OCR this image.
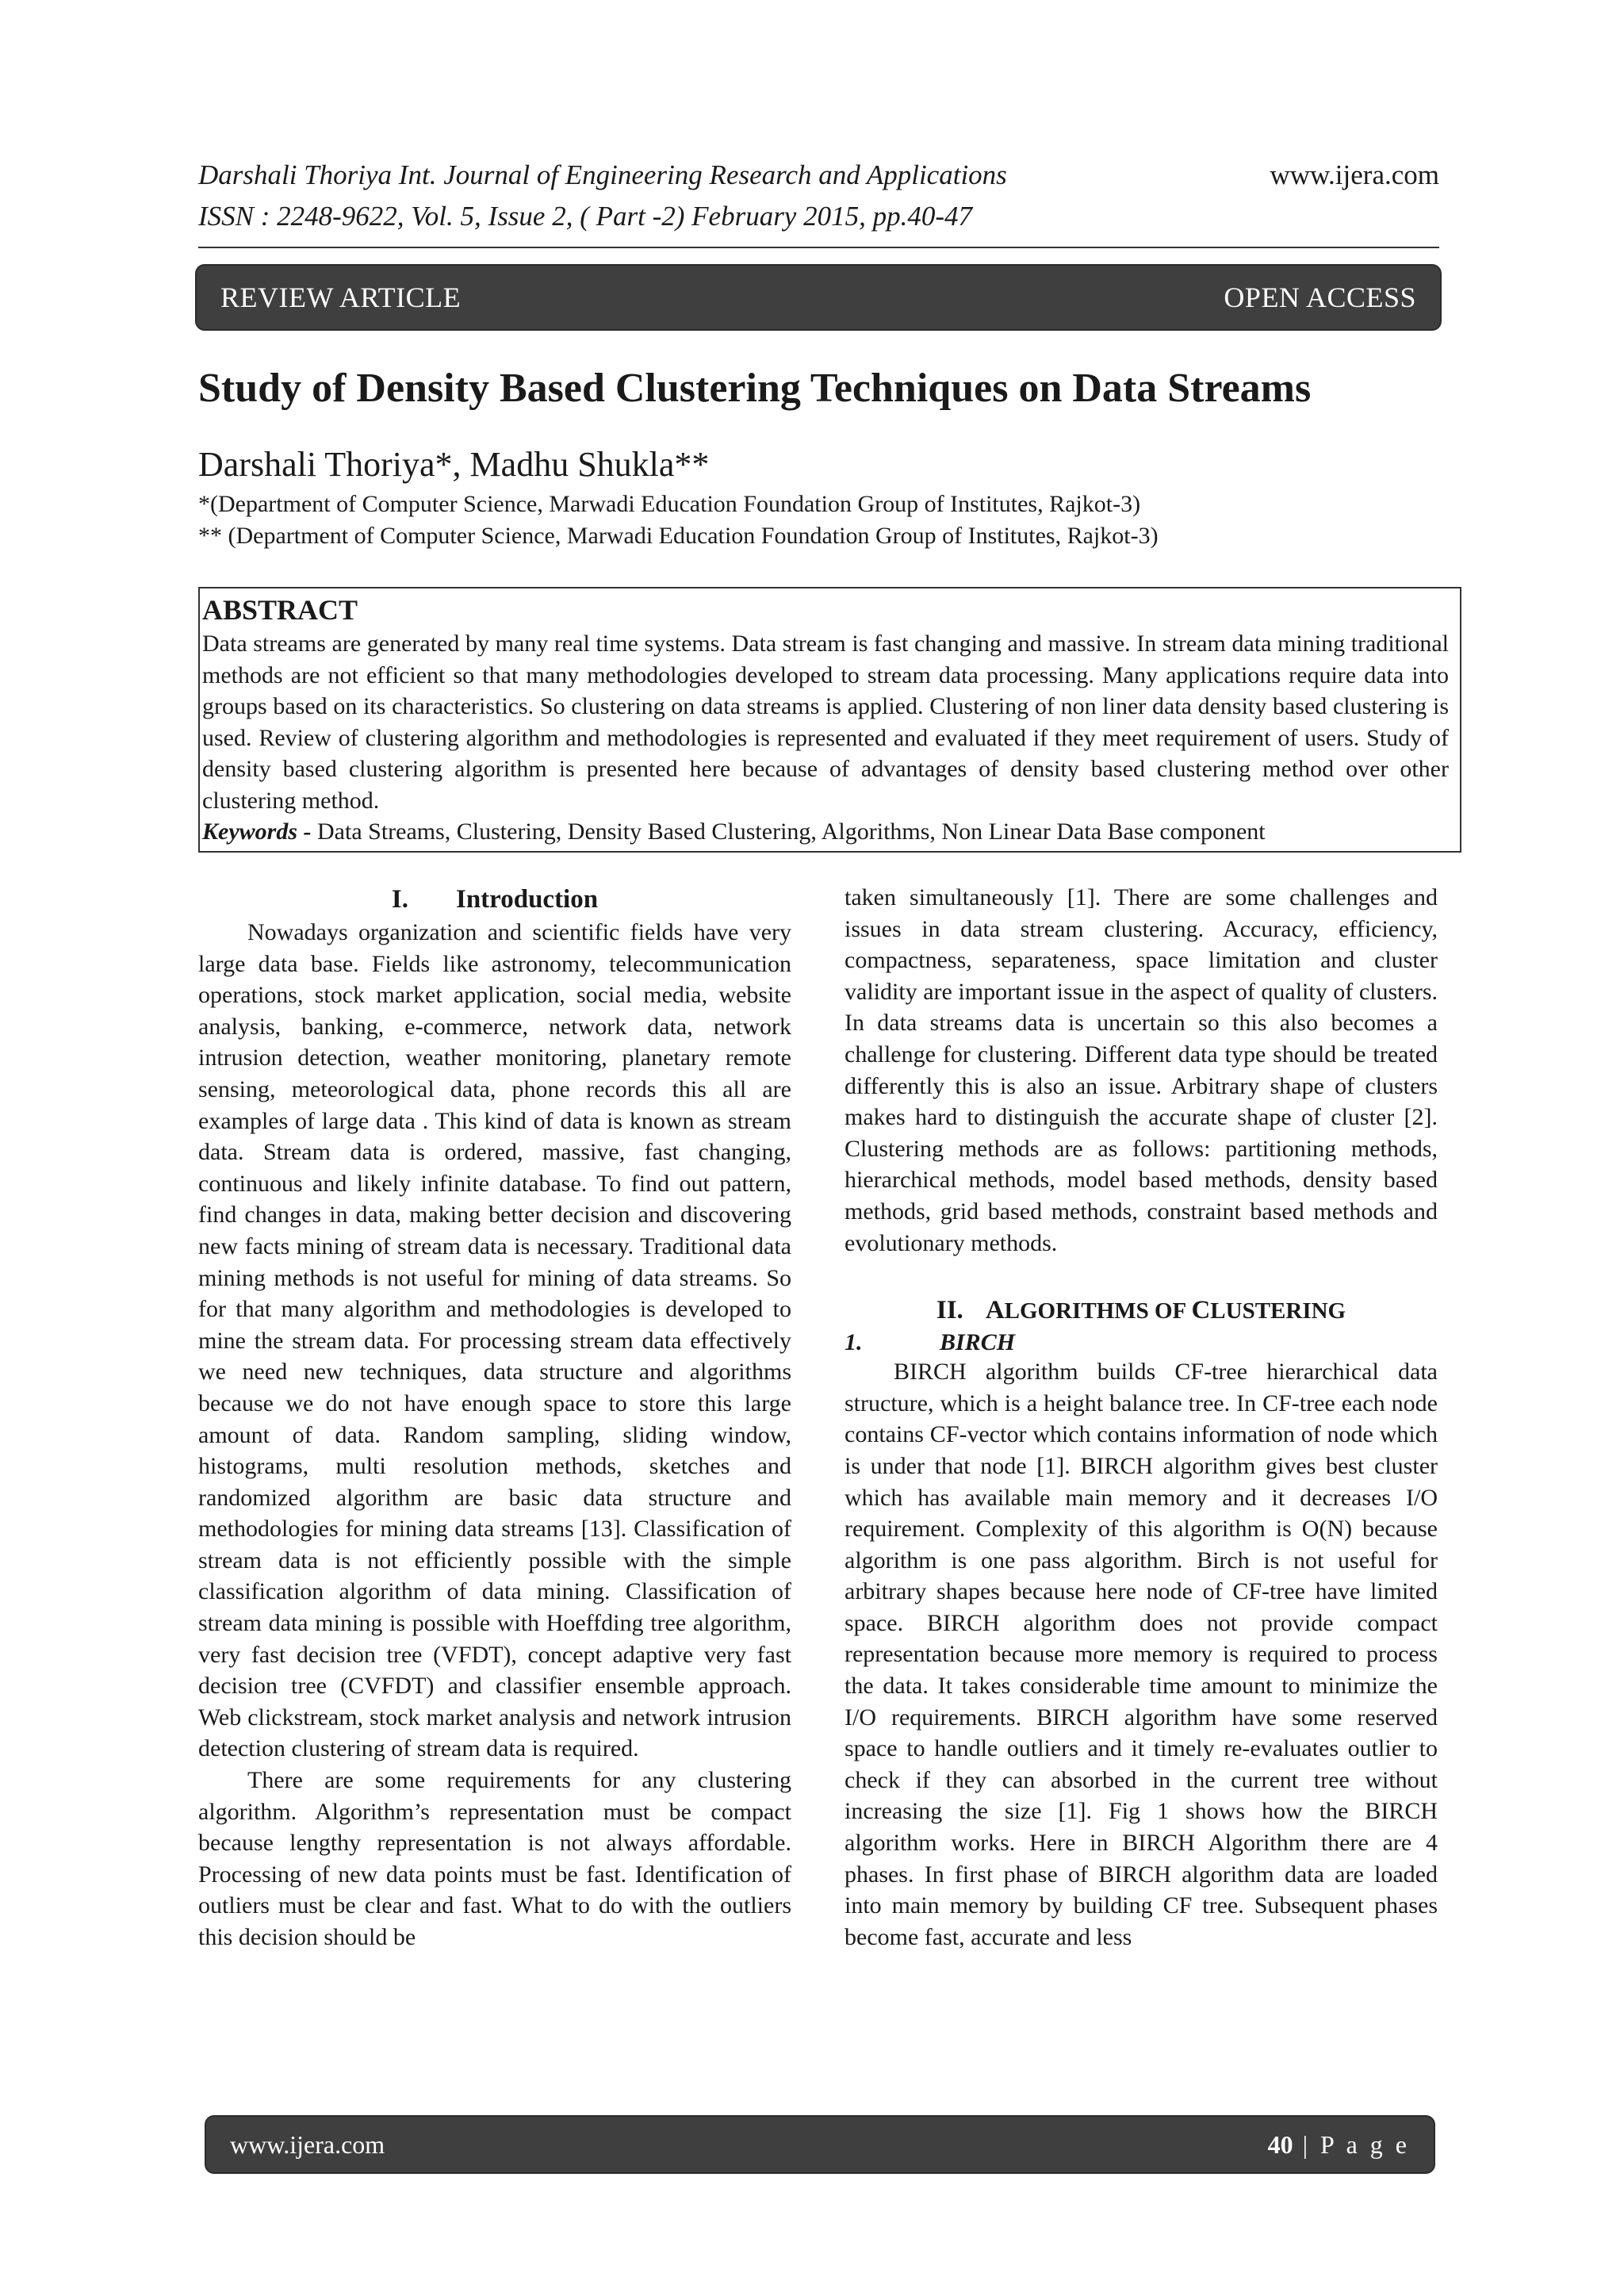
Darshali Thoriya Int. Journal of Engineering Research and Applications	www.ijera.com
ISSN : 2248-9622, Vol. 5, Issue 2, ( Part -2) February 2015, pp.40-47
REVIEW ARTICLE	OPEN ACCESS
Study of Density Based Clustering Techniques on Data Streams
Darshali Thoriya*, Madhu Shukla**
*(Department of Computer Science, Marwadi Education Foundation Group of Institutes, Rajkot-3)
** (Department of Computer Science, Marwadi Education Foundation Group of Institutes, Rajkot-3)
ABSTRACT
Data streams are generated by many real time systems. Data stream is fast changing and massive. In stream data mining traditional methods are not efficient so that many methodologies developed to stream data processing. Many applications require data into groups based on its characteristics. So clustering on data streams is applied. Clustering of non liner data density based clustering is used. Review of clustering algorithm and methodologies is represented and evaluated if they meet requirement of users. Study of density based clustering algorithm is presented here because of advantages of density based clustering method over other clustering method.
Keywords - Data Streams, Clustering, Density Based Clustering, Algorithms, Non Linear Data Base component
I. Introduction

Nowadays organization and scientific fields have very large data base. Fields like astronomy, telecommunication operations, stock market application, social media, website analysis, banking, e-commerce, network data, network intrusion detection, weather monitoring, planetary remote sensing, meteorological data, phone records this all are examples of large data . This kind of data is known as stream data. Stream data is ordered, massive, fast changing, continuous and likely infinite database. To find out pattern, find changes in data, making better decision and discovering new facts mining of stream data is necessary. Traditional data mining methods is not useful for mining of data streams. So for that many algorithm and methodologies is developed to mine the stream data. For processing stream data effectively we need new techniques, data structure and algorithms because we do not have enough space to store this large amount of data. Random sampling, sliding window, histograms, multi resolution methods, sketches and randomized algorithm are basic data structure and methodologies for mining data streams [13]. Classification of stream data is not efficiently possible with the simple classification algorithm of data mining. Classification of stream data mining is possible with Hoeffding tree algorithm, very fast decision tree (VFDT), concept adaptive very fast decision tree (CVFDT) and classifier ensemble approach. Web clickstream, stock market analysis and network intrusion detection clustering of stream data is required.

There are some requirements for any clustering algorithm. Algorithm’s representation must be compact because lengthy representation is not always affordable. Processing of new data points must be fast. Identification of outliers must be clear and fast. What to do with the outliers this decision should be

taken simultaneously [1]. There are some challenges and issues in data stream clustering. Accuracy, efficiency, compactness, separateness, space limitation and cluster validity are important issue in the aspect of quality of clusters. In data streams data is uncertain so this also becomes a challenge for clustering. Different data type should be treated differently this is also an issue. Arbitrary shape of clusters makes hard to distinguish the accurate shape of cluster [2]. Clustering methods are as follows: partitioning methods, hierarchical methods, model based methods, density based methods, grid based methods, constraint based methods and evolutionary methods.

II. ALGORITHMS OF CLUSTERING
1.	BIRCH

BIRCH algorithm builds CF-tree hierarchical data structure, which is a height balance tree. In CF-tree each node contains CF-vector which contains information of node which is under that node [1]. BIRCH algorithm gives best cluster which has available main memory and it decreases I/O requirement. Complexity of this algorithm is O(N) because algorithm is one pass algorithm. Birch is not useful for arbitrary shapes because here node of CF-tree have limited space. BIRCH algorithm does not provide compact representation because more memory is required to process the data. It takes considerable time amount to minimize the I/O requirements. BIRCH algorithm have some reserved space to handle outliers and it timely re-evaluates outlier to check if they can absorbed in the current tree without increasing the size [1]. Fig 1 shows how the BIRCH algorithm works. Here in BIRCH Algorithm there are 4 phases. In first phase of BIRCH algorithm data are loaded into main memory by building CF tree. Subsequent phases become fast, accurate and less

www.ijera.com	40 | P a g e
